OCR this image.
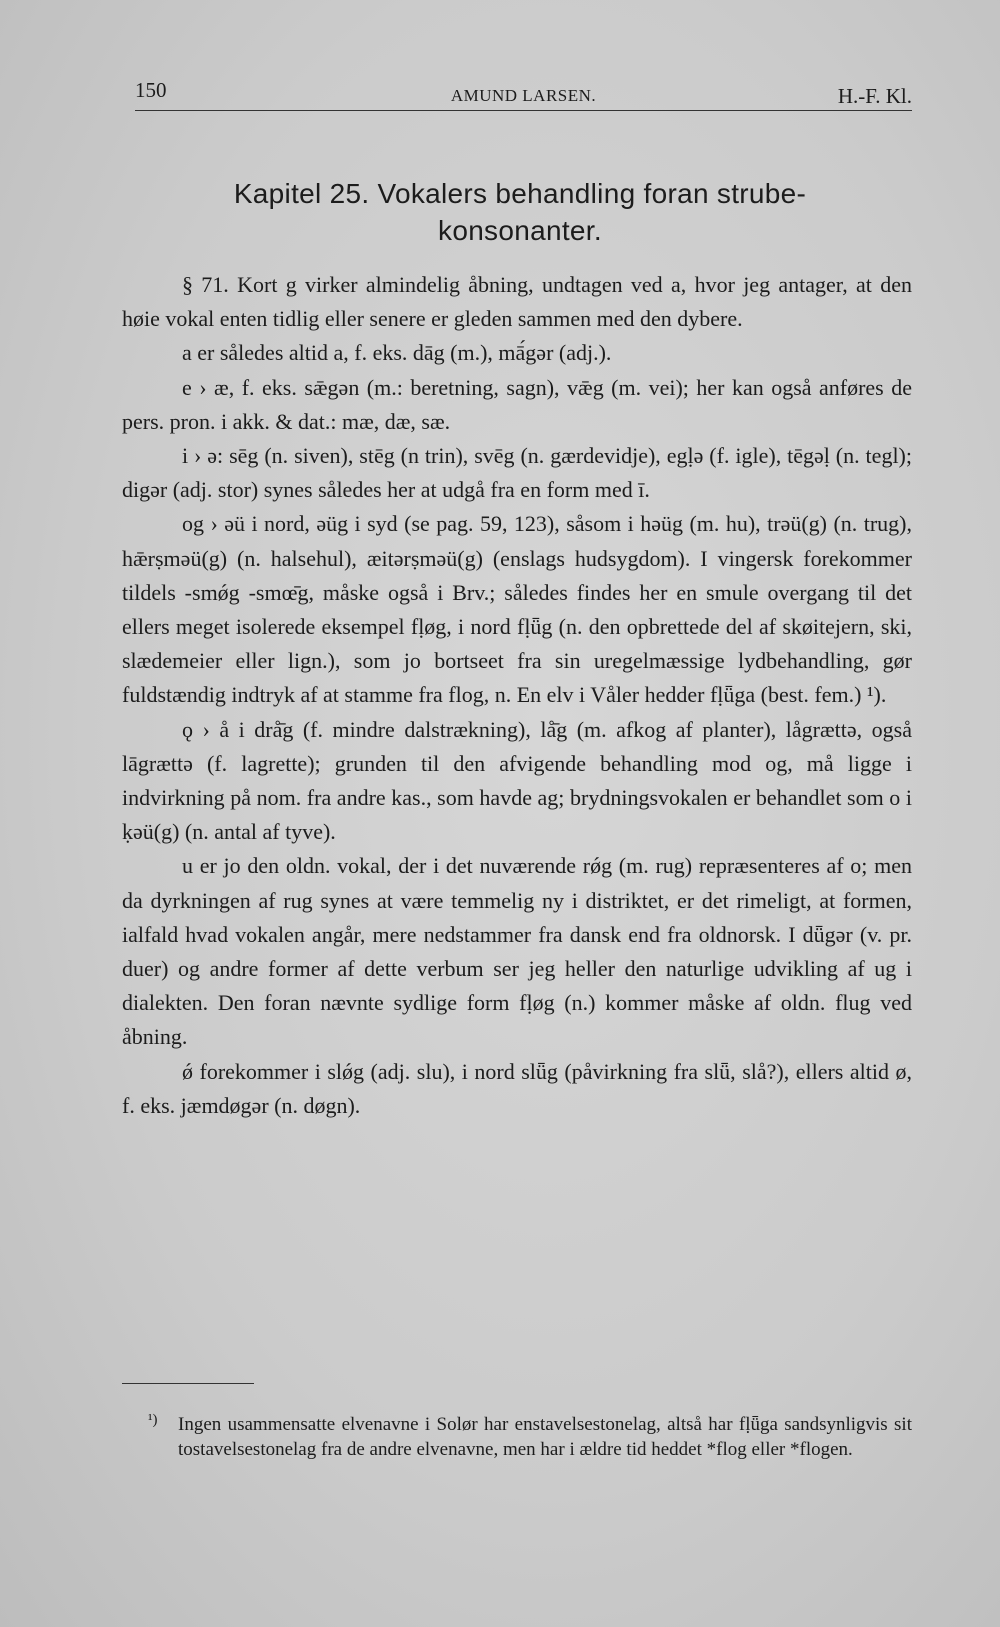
150	AMUND LARSEN.	H.-F. Kl.
Kapitel 25. Vokalers behandling foran strube-
konsonanter.

§ 71. Kort g virker almindelig åbning, undtagen ved a, hvor jeg antager, at den høie vokal enten tidlig eller senere er gleden sammen med den dybere.

a er således altid a, f. eks. dāg (m.), mā́gər (adj.).

e › æ, f. eks. sǣgən (m.: beretning, sagn), vǣg (m. vei); her kan også anføres de pers. pron. i akk. & dat.: mæ, dæ, sæ.

i › ə: sēg (n. siven), stēg (n trin), svēg (n. gærdevidje), egḷə (f. igle), tēgəḷ (n. tegl); digər (adj. stor) synes således her at udgå fra en form med ī.

og › əü i nord, əüg i syd (se pag. 59, 123), såsom i həüg (m. hu), trəü(g) (n. trug), hǣrṣməü(g) (n. halsehul), æitərṣməü(g) (enslags hudsygdom). I vingersk forekommer tildels -smǿg -smœ̄g, måske også i Brv.; således findes her en smule overgang til det ellers meget isolerede eksempel fḷøg, i nord fḷǖg (n. den opbrettede del af skøitejern, ski, slædemeier eller lign.), som jo bortseet fra sin uregelmæssige lydbehandling, gør fuldstændig indtryk af at stamme fra flog, n. En elv i Våler hedder fḷǖga (best. fem.) ¹).

ǫ › å i drå̄g (f. mindre dalstrækning), lå̄g (m. afkog af planter), lågrættə, også lāgrættə (f. lagrette); grunden til den afvigende behandling mod og, må ligge i indvirkning på nom. fra andre kas., som havde ag; brydningsvokalen er behandlet som o i ḳəü(g) (n. antal af tyve).

u er jo den oldn. vokal, der i det nuværende rǿg (m. rug) repræsenteres af o; men da dyrkningen af rug synes at være temmelig ny i distriktet, er det rimeligt, at formen, ialfald hvad vokalen angår, mere nedstammer fra dansk end fra oldnorsk. I dǖgər (v. pr. duer) og andre former af dette verbum ser jeg heller den naturlige udvikling af ug i dialekten. Den foran nævnte sydlige form fḷøg (n.) kommer måske af oldn. flug ved åbning.

ǿ forekommer i slǿg (adj. slu), i nord slǖg (påvirkning fra slǖ, slå?), ellers altid ø, f. eks. jæmdøgər (n. døgn).

¹) Ingen usammensatte elvenavne i Solør har enstavelsestonelag, altså har fḷǖga sandsynligvis sit tostavelsestonelag fra de andre elvenavne, men har i ældre tid heddet *flog eller *flogen.
